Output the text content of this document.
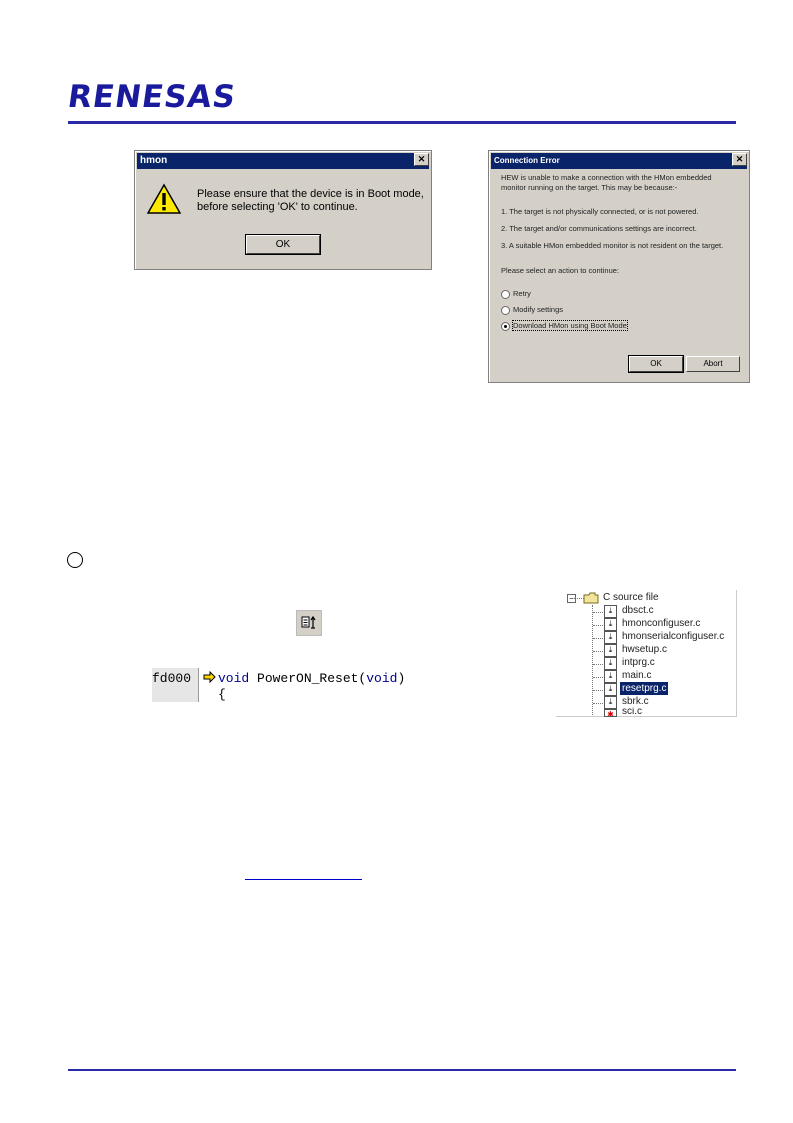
RENESAS
hmon	✕
Please ensure that the device is in Boot mode, before selecting 'OK' to continue.
OK
Connection Error	✕
HEW is unable to make a connection with the HMon embedded monitor running on the target. This may be because:-
1. The target is not physically connected, or is not powered.
2. The target and/or communications settings are incorrect.
3. A suitable HMon embedded monitor is not resident on the target.
Please select an action to continue:
Retry
Modify settings
Download HMon using Boot Mode
OK	Abort
fd000 void PowerON_Reset(void)
{
−	C source file
⤓ dbsct.c
⤓ hmonconfiguser.c
⤓ hmonserialconfiguser.c
⤓ hwsetup.c
⤓ intprg.c
⤓ main.c
⤓ resetprg.c
⤓ sbrk.c
✱ sci.c
